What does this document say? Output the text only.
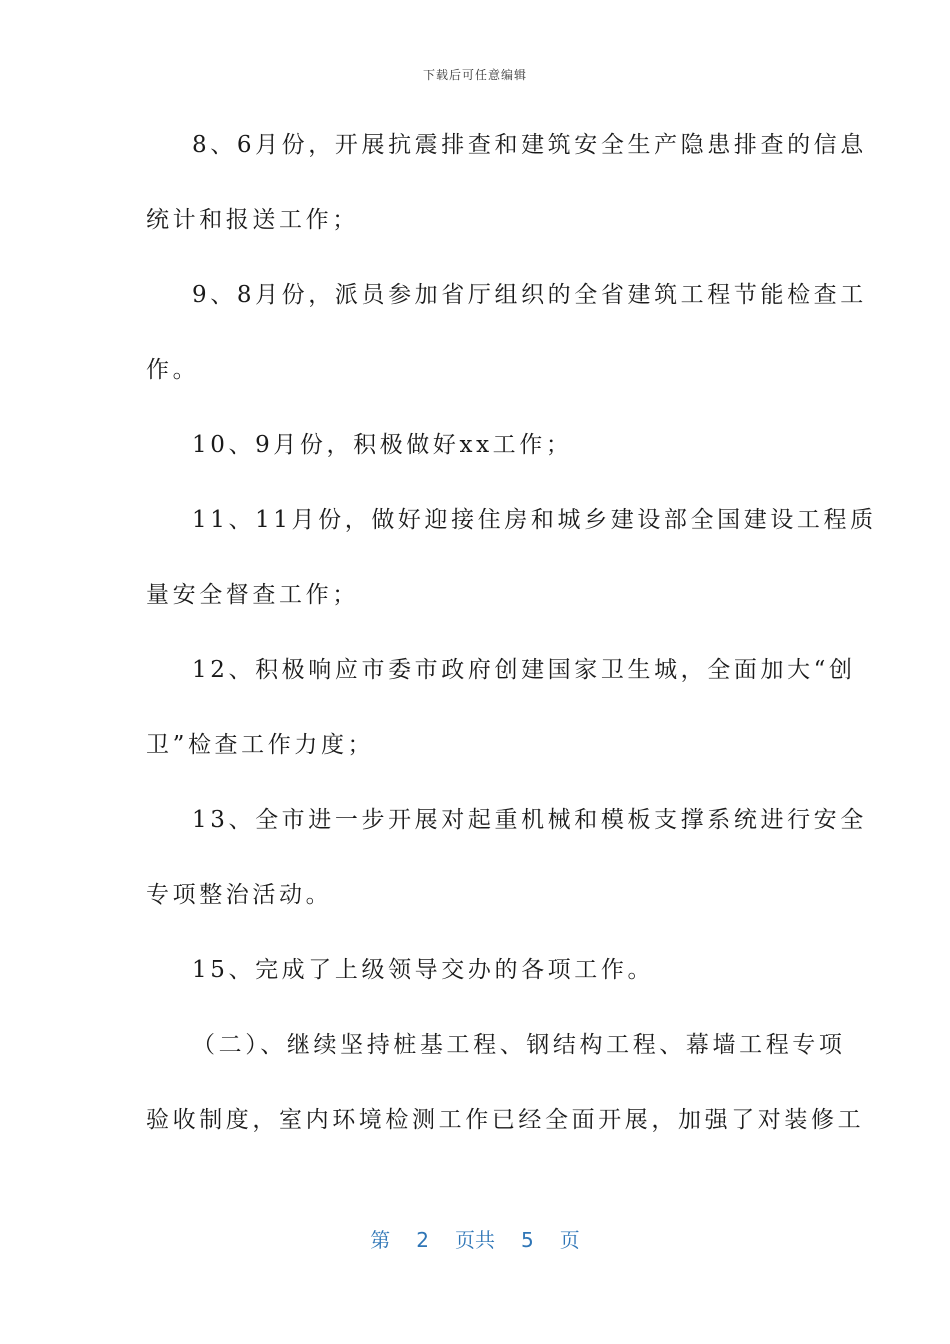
下载后可任意编辑
8、6月份，开展抗震排查和建筑安全生产隐患排查的信息
统计和报送工作；
9、8月份，派员参加省厅组织的全省建筑工程节能检查工
作。
10、9月份，积极做好xx工作；
11、11月份，做好迎接住房和城乡建设部全国建设工程质
量安全督查工作；
12、积极响应市委市政府创建国家卫生城，全面加大“创
卫”检查工作力度；
13、全市进一步开展对起重机械和模板支撑系统进行安全
专项整治活动。
15、完成了上级领导交办的各项工作。
（二）、继续坚持桩基工程、钢结构工程、幕墙工程专项
验收制度，室内环境检测工作已经全面开展，加强了对装修工
第 2 页共 5 页
